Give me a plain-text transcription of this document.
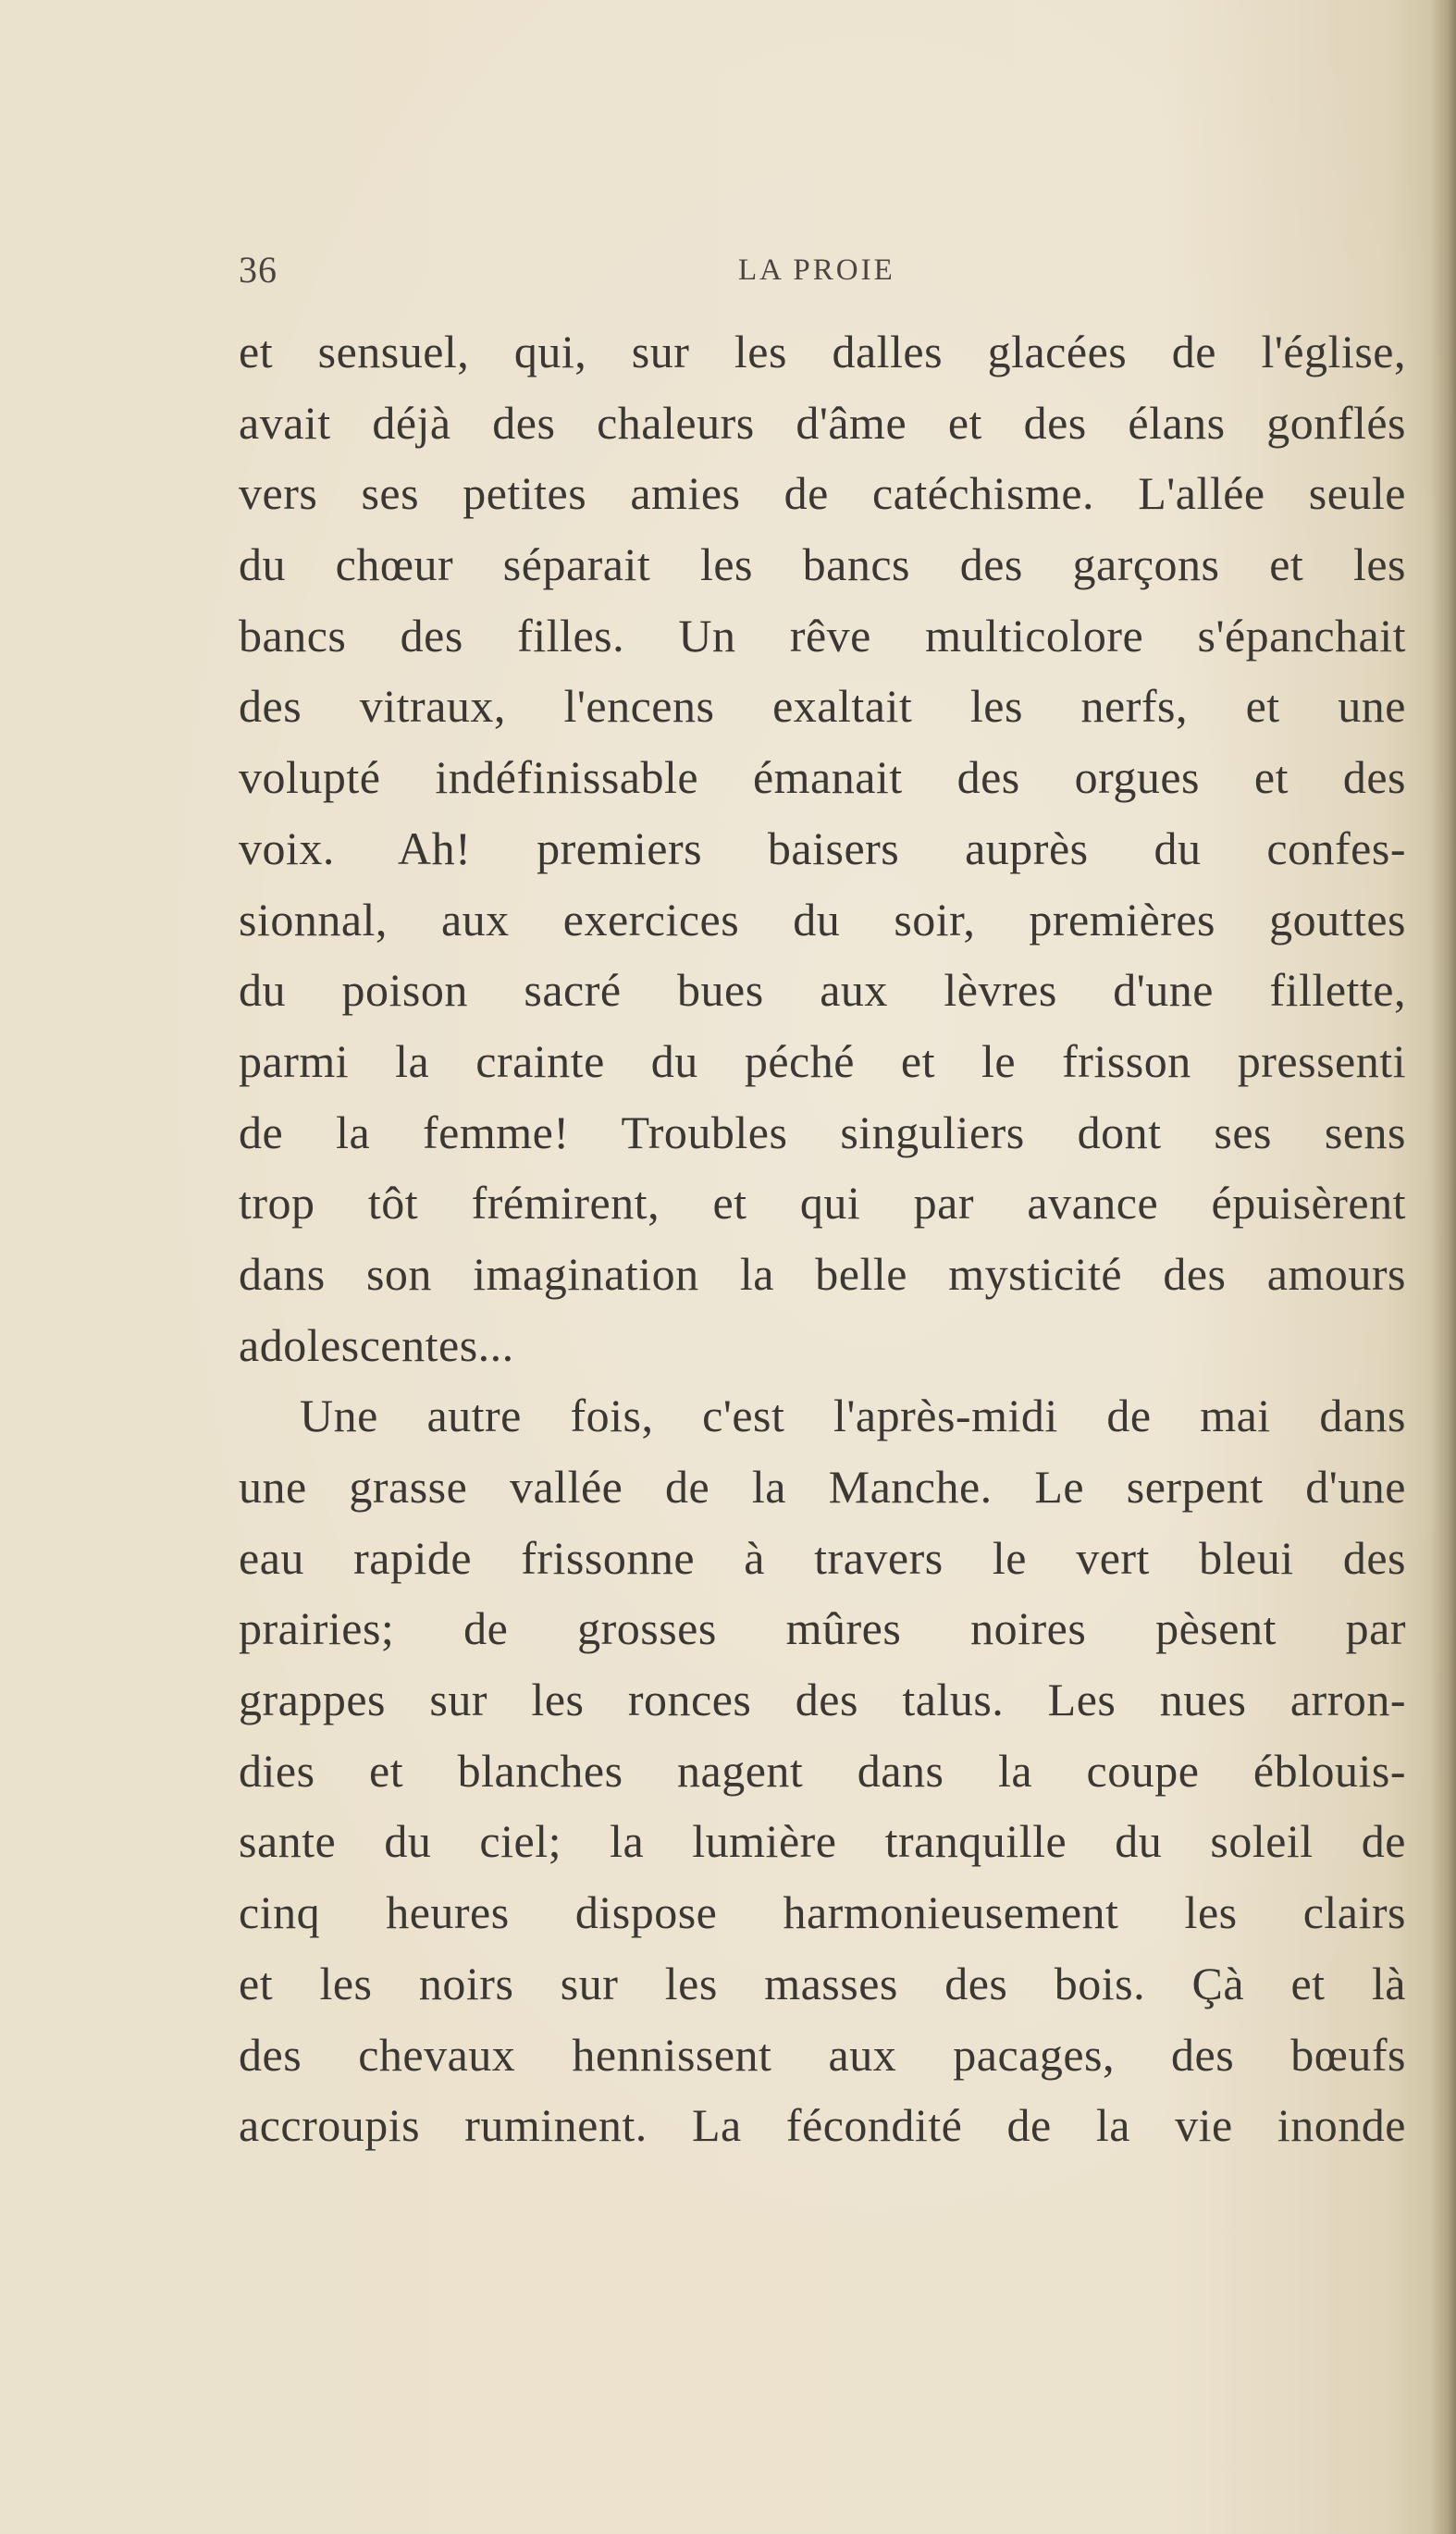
36	LA PROIE
et sensuel, qui, sur les dalles glacées de l'église,
avait déjà des chaleurs d'âme et des élans gonflés
vers ses petites amies de catéchisme. L'allée seule
du chœur séparait les bancs des garçons et les
bancs des filles. Un rêve multicolore s'épanchait
des vitraux, l'encens exaltait les nerfs, et une
volupté indéfinissable émanait des orgues et des
voix. Ah! premiers baisers auprès du confes-
sionnal, aux exercices du soir, premières gouttes
du poison sacré bues aux lèvres d'une fillette,
parmi la crainte du péché et le frisson pressenti
de la femme! Troubles singuliers dont ses sens
trop tôt frémirent, et qui par avance épuisèrent
dans son imagination la belle mysticité des amours
adolescentes...
Une autre fois, c'est l'après-midi de mai dans
une grasse vallée de la Manche. Le serpent d'une
eau rapide frissonne à travers le vert bleui des
prairies; de grosses mûres noires pèsent par
grappes sur les ronces des talus. Les nues arron-
dies et blanches nagent dans la coupe éblouis-
sante du ciel; la lumière tranquille du soleil de
cinq heures dispose harmonieusement les clairs
et les noirs sur les masses des bois. Çà et là
des chevaux hennissent aux pacages, des bœufs
accroupis ruminent. La fécondité de la vie inonde
